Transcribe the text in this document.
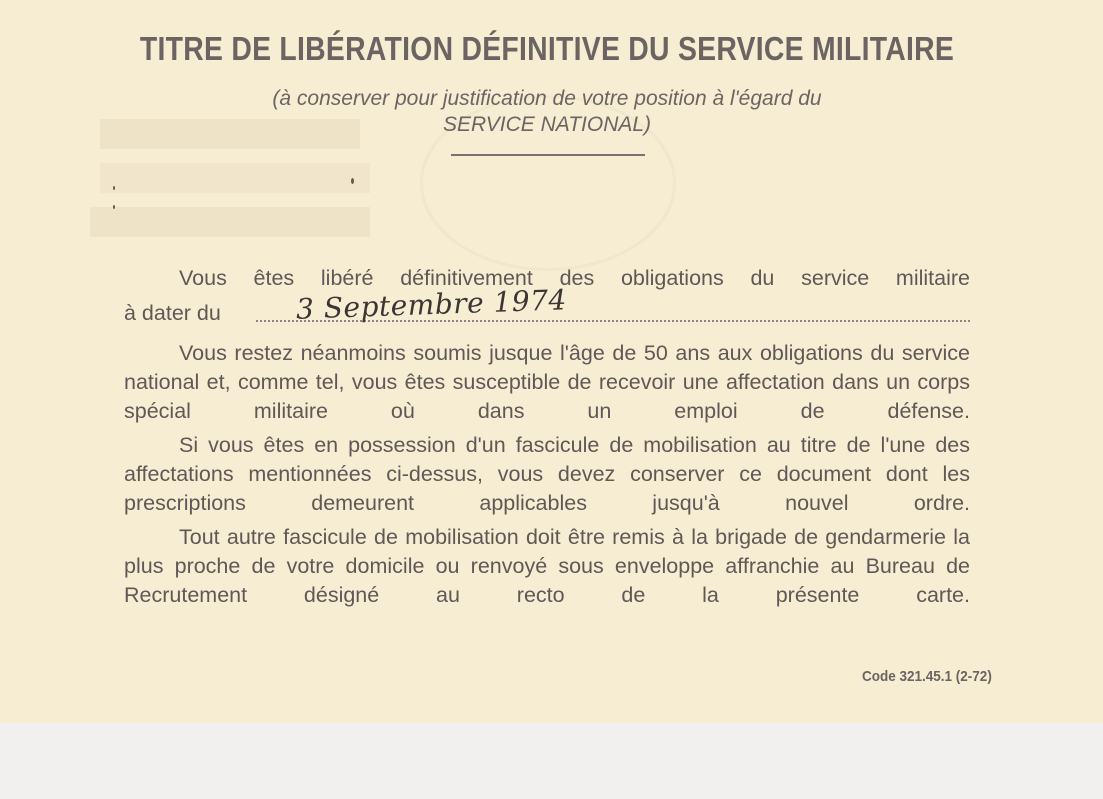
TITRE DE LIBÉRATION DÉFINITIVE DU SERVICE MILITAIRE
(à conserver pour justification de votre position à l'égard du
SERVICE NATIONAL)
Vous êtes libéré définitivement des obligations du service militaire
à dater du	3 Septembre 1974
Vous restez néanmoins soumis jusque l'âge de 50 ans aux obligations du service national et, comme tel, vous êtes susceptible de recevoir une affectation dans un corps spécial militaire où dans un emploi de défense.
Si vous êtes en possession d'un fascicule de mobilisation au titre de l'une des affectations mentionnées ci-dessus, vous devez conserver ce document dont les prescriptions demeurent applicables jusqu'à nouvel ordre.
Tout autre fascicule de mobilisation doit être remis à la brigade de gendarmerie la plus proche de votre domicile ou renvoyé sous enveloppe affranchie au Bureau de Recrutement désigné au recto de la présente carte.
Code 321.45.1 (2-72)
